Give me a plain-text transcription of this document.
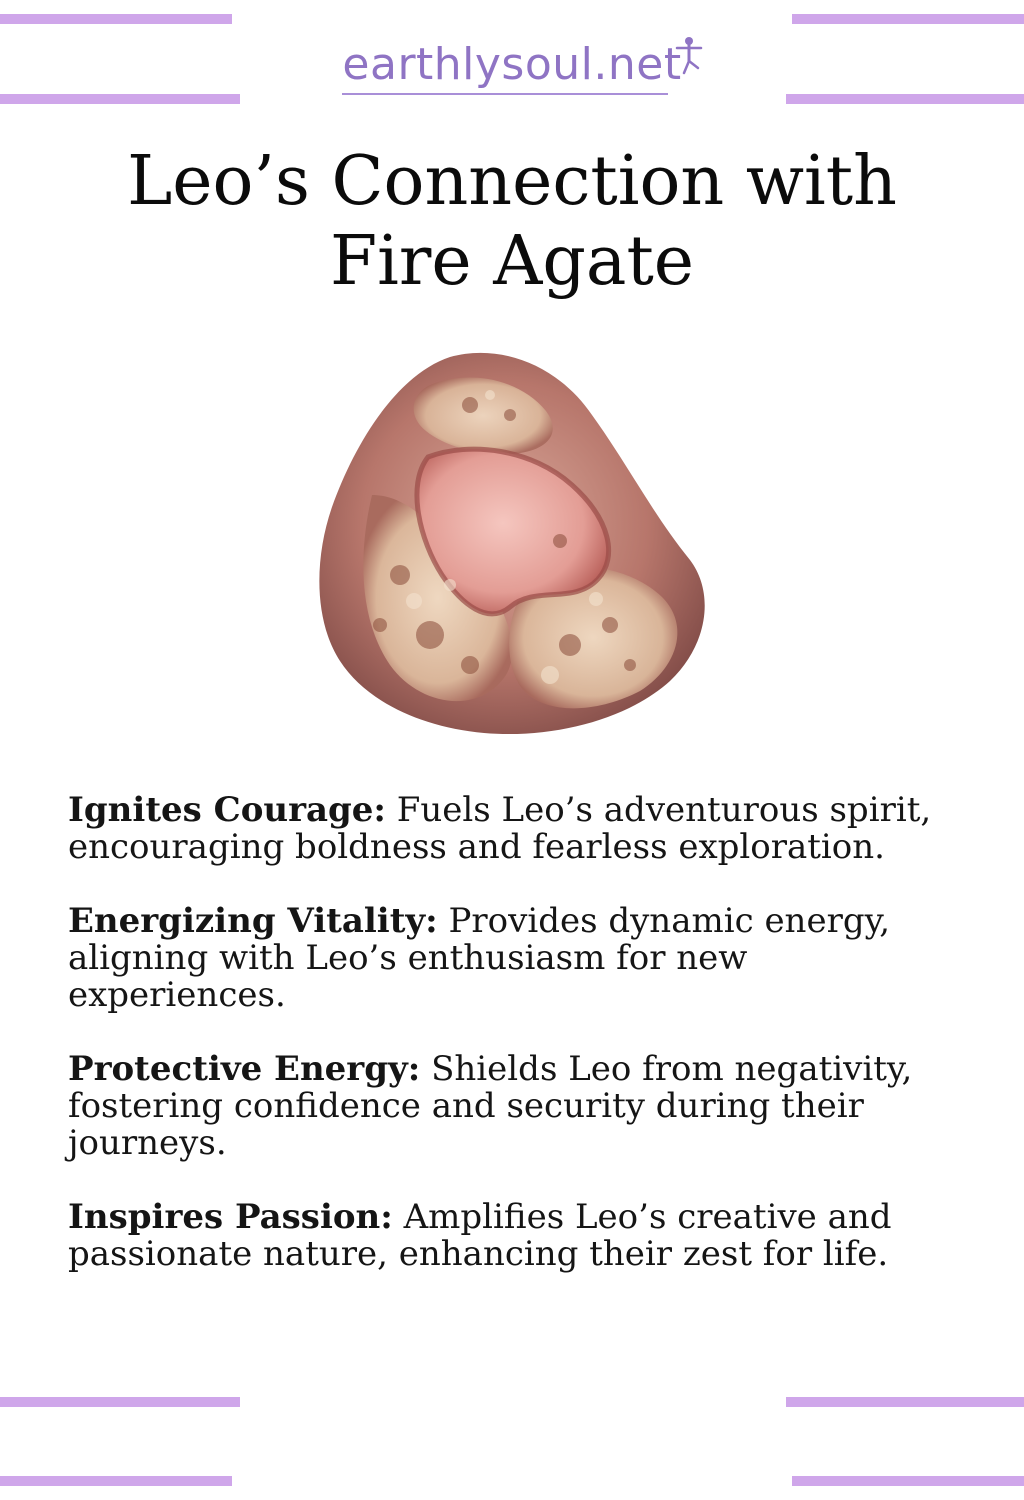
earthlysoul.net
Leo’s Connection with
Fire Agate

Ignites Courage: Fuels Leo’s adventurous spirit, encouraging boldness and fearless exploration.

Energizing Vitality: Provides dynamic energy, aligning with Leo’s enthusiasm for new experiences.

Protective Energy: Shields Leo from negativity, fostering confidence and security during their journeys.

Inspires Passion: Amplifies Leo’s creative and passionate nature, enhancing their zest for life.
